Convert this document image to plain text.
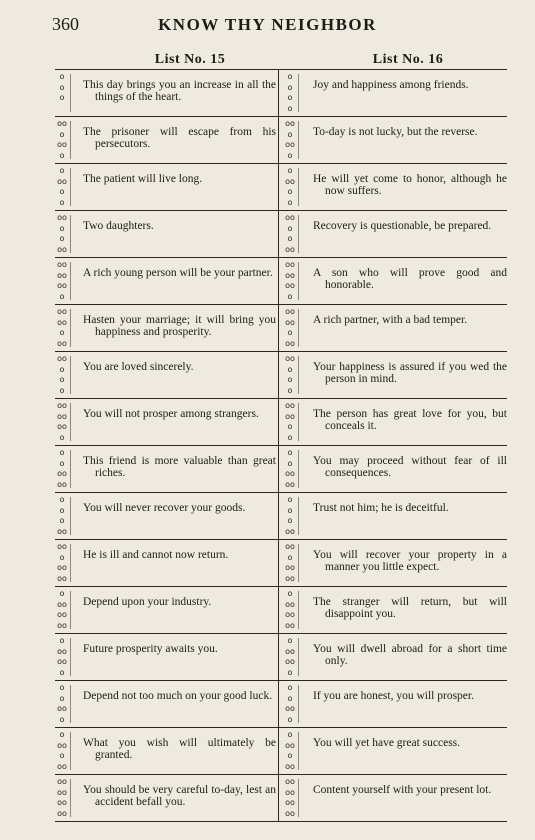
360	KNOW THY NEIGHBOR
List No. 15	List No. 16
o
o
o
This day brings you an increase in all the things of the heart.
o
o
o
o
Joy and happiness among friends.
oo
o
oo
o
The prisoner will escape from his persecutors.
oo
o
oo
o
To-day is not lucky, but the reverse.
o
oo
o
o
The patient will live long.
o
oo
o
o
He will yet come to honor, although he now suffers.
oo
o
o
oo
Two daughters.
oo
o
o
oo
Recovery is questionable, be prepared.
oo
oo
oo
o
A rich young person will be your partner.
oo
oo
oo
o
A son who will prove good and honorable.
oo
oo
o
oo
Hasten your marriage; it will bring you happiness and prosperity.
oo
oo
o
oo
A rich partner, with a bad temper.
oo
o
o
o
You are loved sincerely.
oo
o
o
o
Your happiness is assured if you wed the person in mind.
oo
oo
oo
o
You will not prosper among strangers.
oo
oo
o
o
The person has great love for you, but conceals it.
o
o
oo
oo
This friend is more valuable than great riches.
o
o
oo
oo
You may proceed without fear of ill consequences.
o
o
o
oo
You will never recover your goods.
o
o
o
oo
Trust not him; he is deceitful.
oo
o
oo
oo
He is ill and cannot now return.
oo
o
oo
oo
You will recover your property in a manner you little expect.
o
oo
oo
oo
Depend upon your industry.
o
oo
oo
oo
The stranger will return, but will disappoint you.
o
oo
oo
o
Future prosperity awaits you.
o
oo
oo
o
You will dwell abroad for a short time only.
o
o
oo
o
Depend not too much on your good luck.
o
o
oo
o
If you are honest, you will prosper.
o
oo
o
oo
What you wish will ultimately be granted.
o
oo
o
oo
You will yet have great success.
oo
oo
oo
oo
You should be very careful to-day, lest an accident befall you.
oo
oo
oo
oo
Content yourself with your present lot.
